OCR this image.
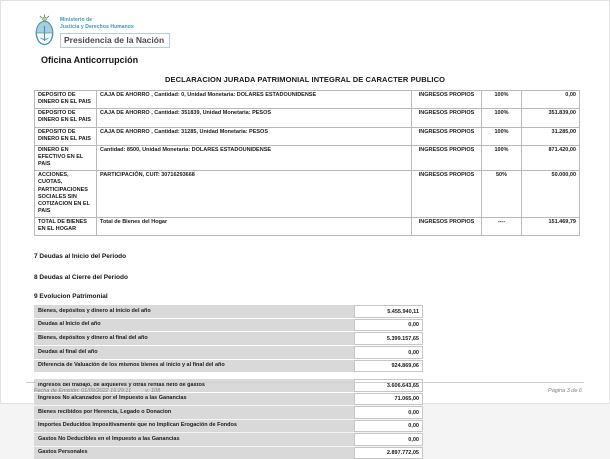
Ministerio de
Justicia y Derechos Humanos
Presidencia de la Nación
Oficina Anticorrupción
DECLARACION JURADA PATRIMONIAL INTEGRAL DE CARACTER PUBLICO
DEPOSITO DE DINERO EN EL PAIS	CAJA DE AHORRO , Cantidad: 0, Unidad Monetaria: DOLARES ESTADOUNIDENSE	INGRESOS PROPIOS	100%	0,00
DEPOSITO DE DINERO EN EL PAIS	CAJA DE AHORRO , Cantidad: 351839, Unidad Monetaria: PESOS	INGRESOS PROPIOS	100%	351.839,00
DEPOSITO DE DINERO EN EL PAIS	CAJA DE AHORRO , Cantidad: 31285, Unidad Monetaria: PESOS	INGRESOS PROPIOS	100%	31.285,00
DINERO EN EFECTIVO EN EL PAIS	Cantidad: 8500, Unidad Monetaria: DOLARES ESTADOUNIDENSE	INGRESOS PROPIOS	100%	871.420,00
ACCIONES, CUOTAS, PARTICIPACIONES SOCIALES SIN COTIZACION EN EL PAIS	PARTICIPACIÓN, CUIT: 30716293668	INGRESOS PROPIOS	50%	50.000,00
TOTAL DE BIENES EN EL HOGAR	Total de Bienes del Hogar	INGRESOS PROPIOS	----	151.469,79
7 Deudas al Inicio del Periodo
8 Deudas al Cierre del Periodo
9 Evolucion Patrimonial
Bienes, depósitos y dinero al inicio del año	5.455.940,11
Deudas al Inicio del año	0,00
Bienes, depósitos y dinero al final del año	5.399.157,65
Deudas al final del año	0,00
Diferencia de Valuación de los mismos bienes al inicio y al final del año	924.869,06
Ingresos del trabajo, de alquileres y otras rentas neto de gastos	3.606.643,65
Ingresos No alcanzados por el Impuesto a las Ganancias	71.065,00
Bienes recibidos por Herencia, Legado o Donacion	0,00
Importes Deducidos Impositivamente que no Implican Erogación de Fondos	0,00
Gastos No Deducibles en el Impuesto a las Ganancias	0,00
Gastos Personales	2.897.772,05
Fecha de Emisión: 01/09/2022 16:29:11	v: 108	Página 3 de 6
